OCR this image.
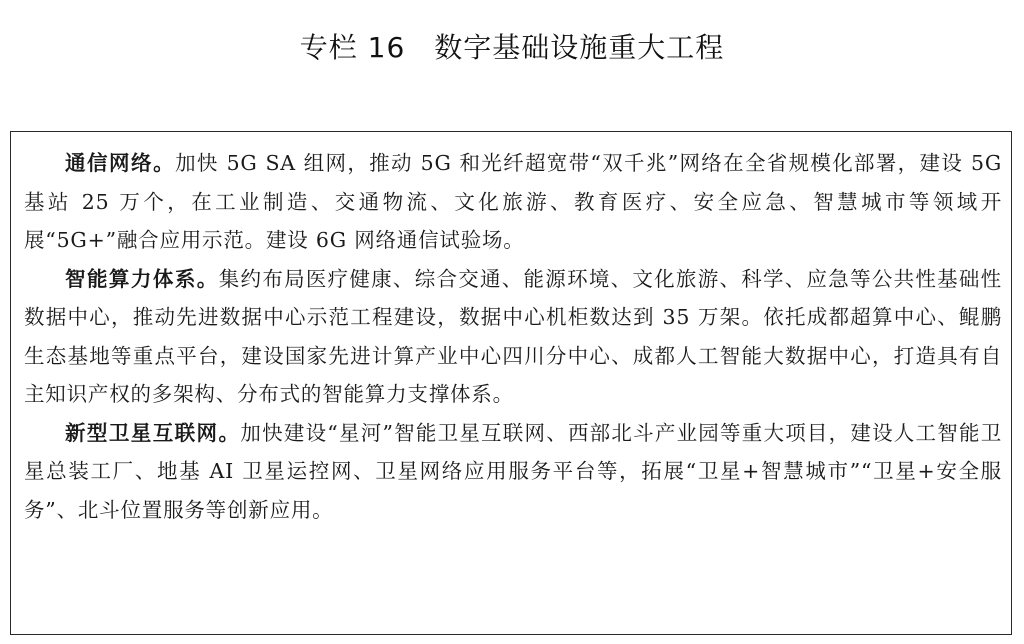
专栏 16　数字基础设施重大工程

通信网络。加快 5G SA 组网，推动 5G 和光纤超宽带“双千兆”网络在全省规模化部署，建设 5G 基站 25 万个，在工业制造、交通物流、文化旅游、教育医疗、安全应急、智慧城市等领域开展“5G+”融合应用示范。建设 6G 网络通信试验场。

智能算力体系。集约布局医疗健康、综合交通、能源环境、文化旅游、科学、应急等公共性基础性数据中心，推动先进数据中心示范工程建设，数据中心机柜数达到 35 万架。依托成都超算中心、鲲鹏生态基地等重点平台，建设国家先进计算产业中心四川分中心、成都人工智能大数据中心，打造具有自主知识产权的多架构、分布式的智能算力支撑体系。

新型卫星互联网。加快建设“星河”智能卫星互联网、西部北斗产业园等重大项目，建设人工智能卫星总装工厂、地基 AI 卫星运控网、卫星网络应用服务平台等，拓展“卫星+智慧城市”“卫星+安全服务”、北斗位置服务等创新应用。
